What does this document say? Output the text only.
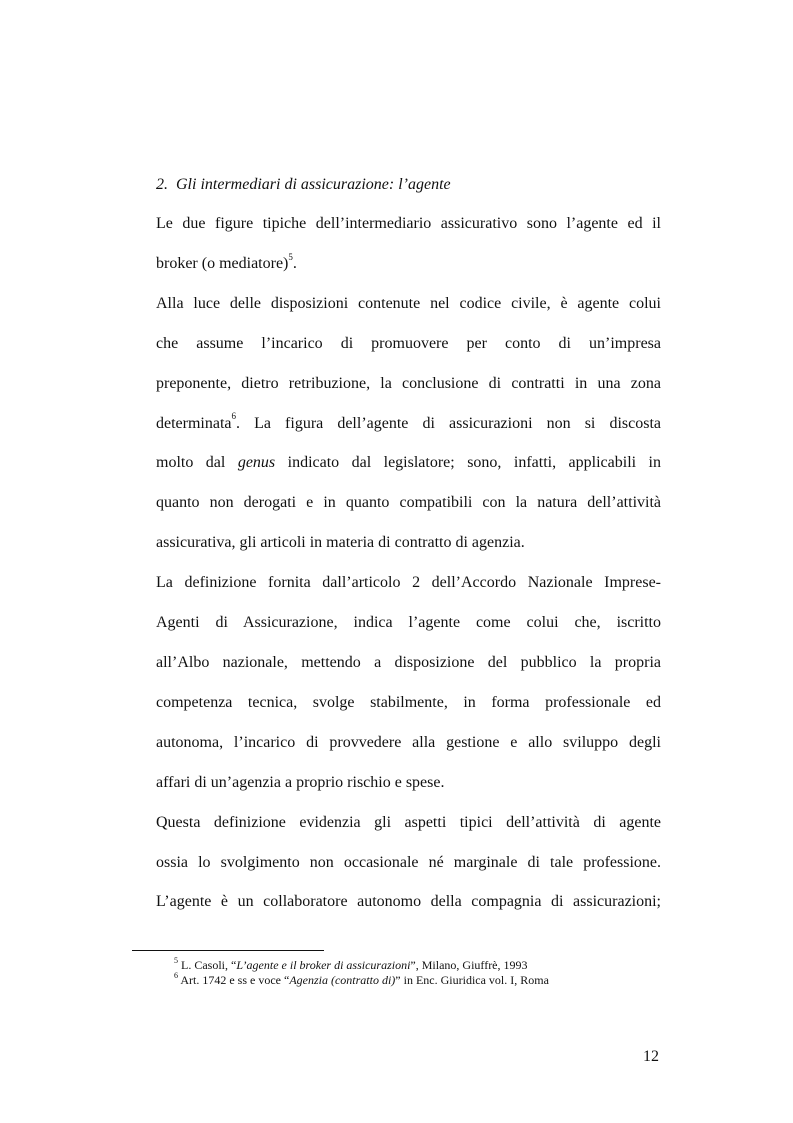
2. Gli intermediari di assicurazione: l’agente

Le due figure tipiche dell’intermediario assicurativo sono l’agente ed il
broker (o mediatore)$^5$.

Alla luce delle disposizioni contenute nel codice civile, è agente colui
che assume l’incarico di promuovere per conto di un’impresa
preponente, dietro retribuzione, la conclusione di contratti in una zona
determinata$^6$. La figura dell’agente di assicurazioni non si discosta
molto dal genus indicato dal legislatore; sono, infatti, applicabili in
quanto non derogati e in quanto compatibili con la natura dell’attività
assicurativa, gli articoli in materia di contratto di agenzia.

La definizione fornita dall’articolo 2 dell’Accordo Nazionale Imprese-
Agenti di Assicurazione, indica l’agente come colui che, iscritto
all’Albo nazionale, mettendo a disposizione del pubblico la propria
competenza tecnica, svolge stabilmente, in forma professionale ed
autonoma, l’incarico di provvedere alla gestione e allo sviluppo degli
affari di un’agenzia a proprio rischio e spese.

Questa definizione evidenzia gli aspetti tipici dell’attività di agente
ossia lo svolgimento non occasionale né marginale di tale professione.
L’agente è un collaboratore autonomo della compagnia di assicurazioni;

$^5$ L. Casoli, “L’agente e il broker di assicurazioni”, Milano, Giuffrè, 1993
$^6$ Art. 1742 e ss e voce “Agenzia (contratto di)” in Enc. Giuridica vol. I, Roma
12
